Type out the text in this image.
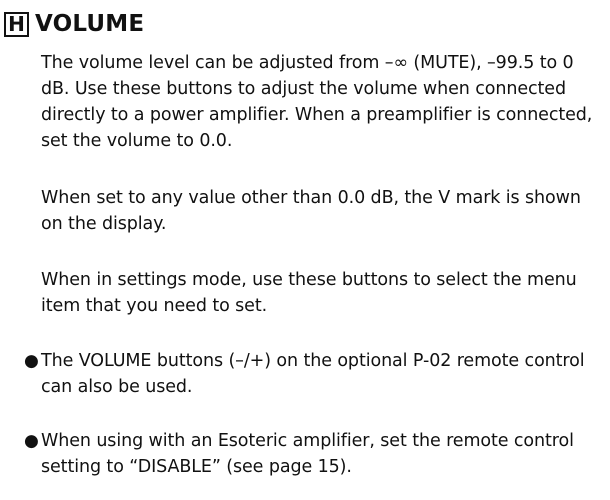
H VOLUME

The volume level can be adjusted from –∞ (MUTE), –99.5 to 0 dB. Use these buttons to adjust the volume when connected directly to a power amplifier. When a preamplifier is connected, set the volume to 0.0.

When set to any value other than 0.0 dB, the V mark is shown on the display.

When in settings mode, use these buttons to select the menu item that you need to set.

● The VOLUME buttons (–/+) on the optional P-02 remote control can also be used.
● When using with an Esoteric amplifier, set the remote control setting to “DISABLE” (see page 15).
